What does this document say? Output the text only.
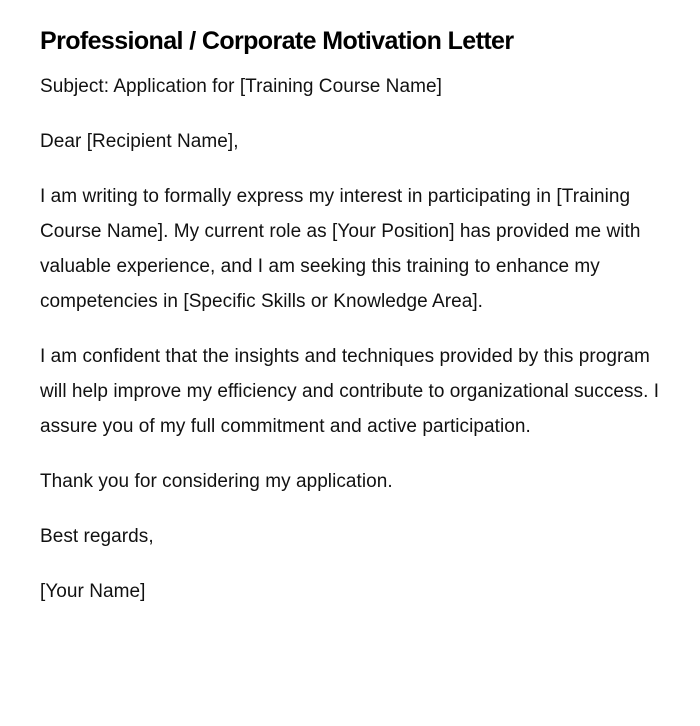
Professional / Corporate Motivation Letter

Subject: Application for [Training Course Name]

Dear [Recipient Name],

I am writing to formally express my interest in participating in [Training Course Name]. My current role as [Your Position] has provided me with valuable experience, and I am seeking this training to enhance my competencies in [Specific Skills or Knowledge Area].

I am confident that the insights and techniques provided by this program will help improve my efficiency and contribute to organizational success. I assure you of my full commitment and active participation.

Thank you for considering my application.

Best regards,

[Your Name]
